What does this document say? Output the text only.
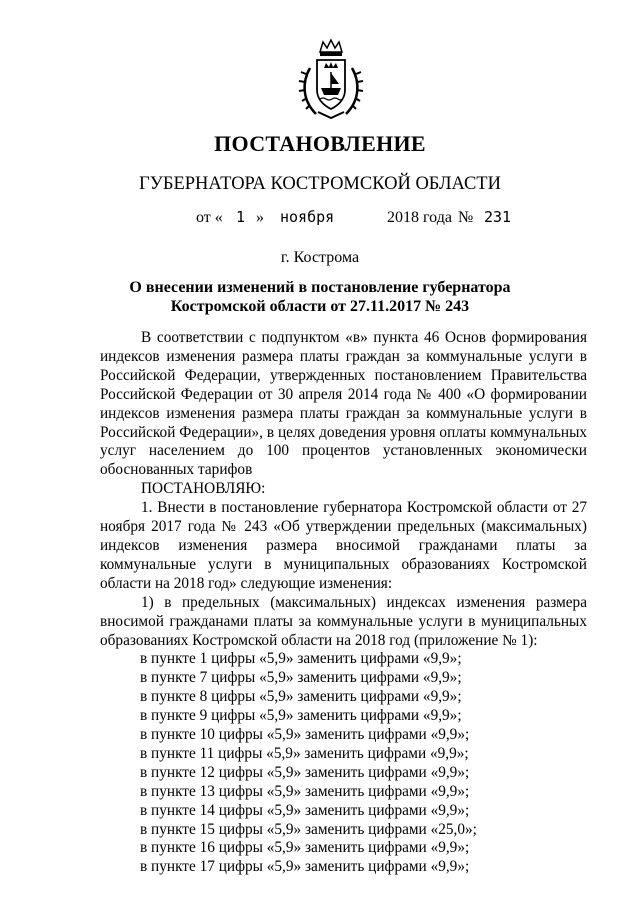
ПОСТАНОВЛЕНИЕ
ГУБЕРНАТОРА КОСТРОМСКОЙ ОБЛАСТИ

от «

1

»

ноября

	2018 года

№

231

г. Кострома
О внесении изменений в постановление губернатора
Костромской области от 27.11.2017 № 243

В соответствии с подпунктом «в» пункта 46 Основ формирования индексов изменения размера платы граждан за коммунальные услуги в Российской Федерации, утвержденных постановлением Правительства Российской Федерации от 30 апреля 2014 года № 400 «О формировании индексов изменения размера платы граждан за коммунальные услуги в Российской Федерации», в целях доведения уровня оплаты коммунальных услуг населением до 100 процентов установленных экономически обоснованных тарифов

ПОСТАНОВЛЯЮ:

1. Внести в постановление губернатора Костромской области от 27 ноября 2017 года № 243 «Об утверждении предельных (максимальных) индексов изменения размера вносимой гражданами платы за коммунальные услуги в муниципальных образованиях Костромской области на 2018 год» следующие изменения:

1) в предельных (максимальных) индексах изменения размера вносимой гражданами платы за коммунальные услуги в муниципальных образованиях Костромской области на 2018 год (приложение № 1):

в пункте 1 цифры «5,9» заменить цифрами «9,9»;

в пункте 7 цифры «5,9» заменить цифрами «9,9»;

в пункте 8 цифры «5,9» заменить цифрами «9,9»;

в пункте 9 цифры «5,9» заменить цифрами «9,9»;

в пункте 10 цифры «5,9» заменить цифрами «9,9»;

в пункте 11 цифры «5,9» заменить цифрами «9,9»;

в пункте 12 цифры «5,9» заменить цифрами «9,9»;

в пункте 13 цифры «5,9» заменить цифрами «9,9»;

в пункте 14 цифры «5,9» заменить цифрами «9,9»;

в пункте 15 цифры «5,9» заменить цифрами «25,0»;

в пункте 16 цифры «5,9» заменить цифрами «9,9»;

в пункте 17 цифры «5,9» заменить цифрами «9,9»;
